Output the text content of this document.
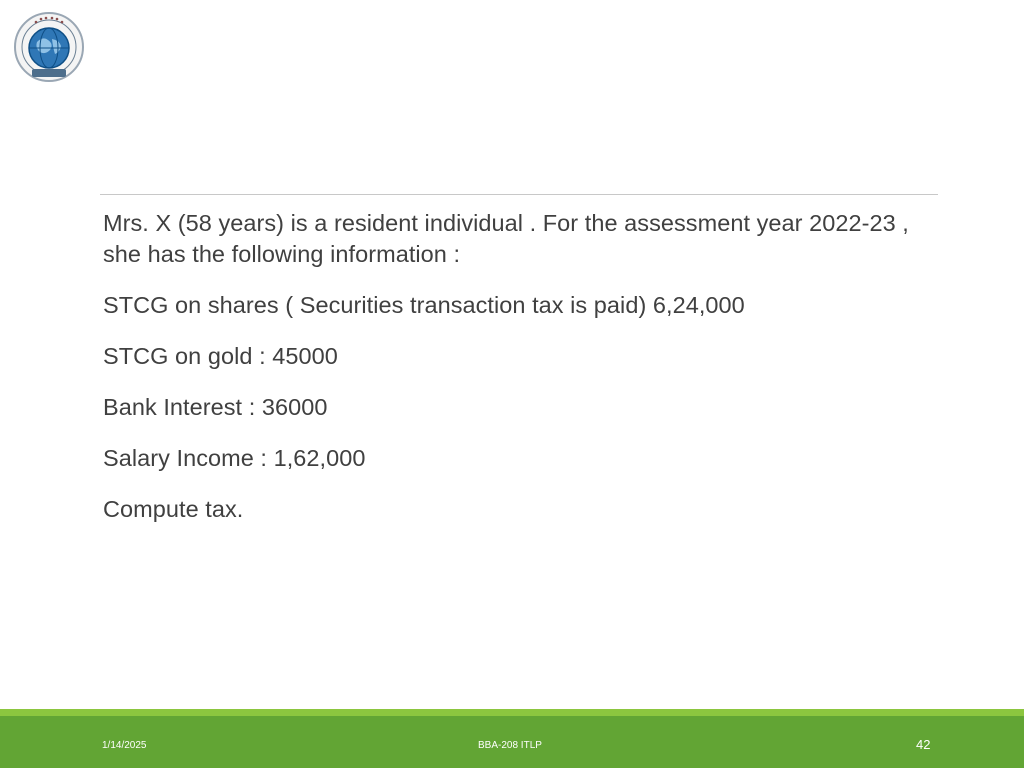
Mrs. X (58 years) is a resident individual . For the assessment year 2022-23 , she has the following information :

STCG on shares ( Securities transaction tax is paid) 6,24,000

STCG on gold : 45000

Bank Interest : 36000

Salary Income : 1,62,000

Compute tax.

1/14/2025	BBA-208 ITLP	42
